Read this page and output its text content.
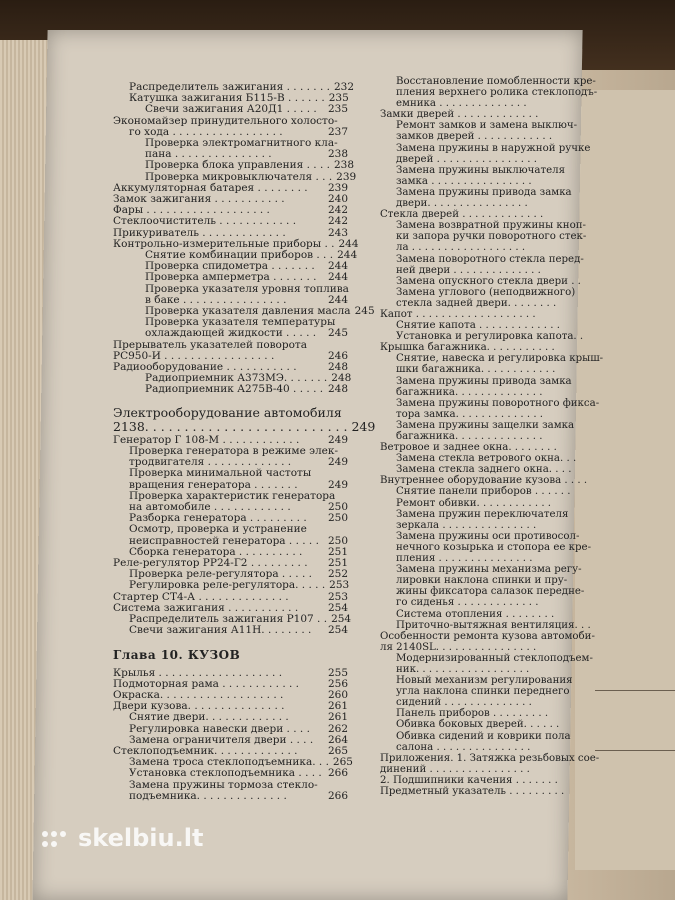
Распределитель зажигания . . . . . . . 232
Катушка зажигания Б115-В . . . . . . 235
Свечи зажигания А20Д1 . . . . . 235
Экономайзер принудительного холосто-
го хода . . . . . . . . . . . . . . . . .	237
Проверка электромагнитного кла-
пана . . . . . . . . . . . . . . .	238
Проверка блока управления . . . . 238
Проверка микровыключателя . . . 239
Аккумуляторная батарея . . . . . . . . 239
Замок зажигания . . . . . . . . . . .	240
Фары . . . . . . . . . . . . . . . . . . .	242
Стеклоочиститель . . . . . . . . . . . .	242
Прикуриватель . . . . . . . . . . . . .	243
Контрольно-измерительные приборы . . 244
Снятие комбинации приборов . . . 244
Проверка спидометра . . . . . . . 244
Проверка амперметра . . . . . . . 244
Проверка указателя уровня топлива
в баке . . . . . . . . . . . . . . . .	244
Проверка указателя давления масла 245
Проверка указателя температуры
охлаждающей жидкости . . . . . 245
Прерыватель указателей поворота
РС950-И . . . . . . . . . . . . . . . . .	246
Радиооборудование . . . . . . . . . . .	248
Радиоприемник А373МЭ. . . . . . . 248
Радиоприемник А275В-40 . . . . . 248
Электрооборудование автомобиля
2138. . . . . . . . . . . . . . . . . . . . . . . . . . 249
Генератор Г 108-М . . . . . . . . . . . .	249
Проверка генератора в режиме элек-
тродвигателя . . . . . . . . . . . . .	249
Проверка минимальной частоты
вращения генератора . . . . . . .	249
Проверка характеристик генератора
на автомобиле . . . . . . . . . . . .	250
Разборка генератора . . . . . . . . . 250
Осмотр, проверка и устранение
неисправностей генератора . . . . . 250
Сборка генератора . . . . . . . . . . 251
Реле-регулятор РР24-Г2 . . . . . . . . . 251
Проверка реле-регулятора . . . . . 252
Регулировка реле-регулятора. . . . . 253
Стартер СТ4-А . . . . . . . . . . . . . .	253
Система зажигания . . . . . . . . . . .	254
Распределитель зажигания Р107 . . 254
Свечи зажигания А11Н. . . . . . . . 254
Глава 10. КУЗОВ
Крылья . . . . . . . . . . . . . . . . . . .	255
Подмоторная рама . . . . . . . . . . . .	256
Окраска. . . . . . . . . . . . . . . . . . .	260
Двери кузова. . . . . . . . . . . . . . .	261
Снятие двери. . . . . . . . . . . . .	261
Регулировка навески двери . . . . 262
Замена ограничителя двери . . . . 264
Стеклоподъемник. . . . . . . . . . . . .	265
Замена троса стеклоподъемника. . . 265
Установка стеклоподъемника . . . . 266
Замена пружины тормоза стекло-
подъемника. . . . . . . . . . . . . .	266
Восстановление помобленности кре-
пления верхнего ролика стеклоподъ-
емника . . . . . . . . . . . . . .
Замки дверей . . . . . . . . . . . . .
Ремонт замков и замена выключ-
замков дверей . . . . . . . . . . . .
Замена пружины в наружной ручке
дверей . . . . . . . . . . . . . . . .
Замена пружины выключателя
замка . . . . . . . . . . . . . . . .
Замена пружины привода замка
двери. . . . . . . . . . . . . . . .
Стекла дверей . . . . . . . . . . . . .
Замена возвратной пружины кноп-
ки запора ручки поворотного стек-
ла . . . . . . . . . . . . . . . . . .
Замена поворотного стекла перед-
ней двери . . . . . . . . . . . . . .
Замена опускного стекла двери . .
Замена углового (неподвижного)
стекла задней двери. . . . . . . .
Капот . . . . . . . . . . . . . . . . . . .
Снятие капота . . . . . . . . . . . . .
Установка и регулировка капота. .
Крышка багажника. . . . . . . . . . .
Снятие, навеска и регулировка крыш-
шки багажника. . . . . . . . . . . .
Замена пружины привода замка
багажника. . . . . . . . . . . . . .
Замена пружины поворотного фикса-
тора замка. . . . . . . . . . . . . .
Замена пружины защелки замка
багажника. . . . . . . . . . . . . .
Ветровое и заднее окна. . . . . . . .
Замена стекла ветрового окна. . .
Замена стекла заднего окна. . . .
Внутреннее оборудование кузова . . . .
Снятие панели приборов . . . . . .
Ремонт обивки. . . . . . . . . . . .
Замена пружин переключателя
зеркала . . . . . . . . . . . . . . .
Замена пружины оси противосол-
нечного козырька и стопора ее кре-
пления . . . . . . . . . . . . . . .
Замена пружины механизма регу-
лировки наклона спинки и пру-
жины фиксатора салазок передне-
го сиденья . . . . . . . . . . . . .
Система отопления . . . . . . . .
Приточно-вытяжная вентиляция. . .
Особенности ремонта кузова автомоби-
ля 2140SL. . . . . . . . . . . . . . . .
Модернизированный стеклоподъем-
ник. . . . . . . . . . . . . . . . . .
Новый механизм регулирования
угла наклона спинки переднего
сидений . . . . . . . . . . . . . .
Панель приборов . . . . . . . . .
Обивка боковых дверей. . . . . .
Обивка сидений и коврики пола
салона . . . . . . . . . . . . . . .
Приложения. 1. Затяжка резьбовых сое-
динений . . . . . . . . . . . . . . . .
2. Подшипники качения . . . . . . .
Предметный указатель . . . . . . . . .
skelbiu.lt
